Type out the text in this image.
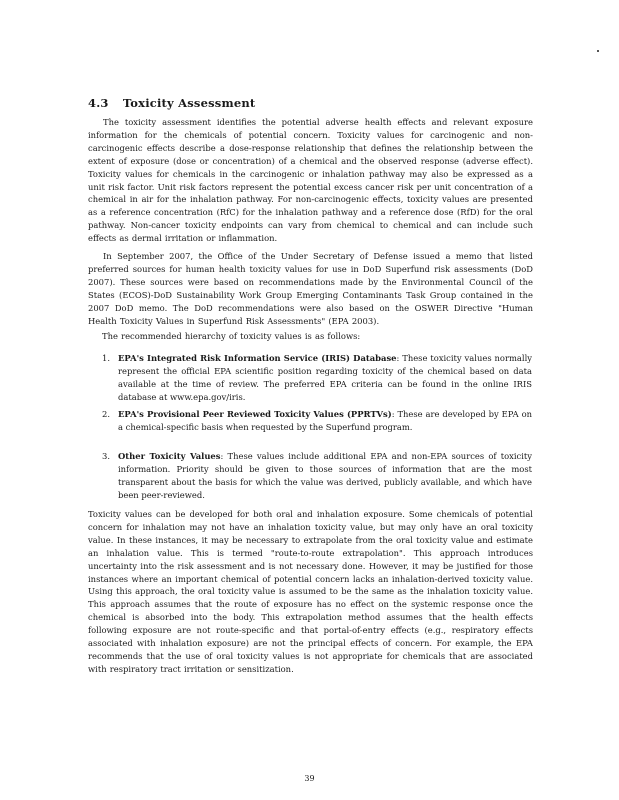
4.3 Toxicity Assessment

The toxicity assessment identifies the potential adverse health effects and relevant exposure information for the chemicals of potential concern. Toxicity values for carcinogenic and non-carcinogenic effects describe a dose-response relationship that defines the relationship between the extent of exposure (dose or concentration) of a chemical and the observed response (adverse effect). Toxicity values for chemicals in the carcinogenic or inhalation pathway may also be expressed as a unit risk factor. Unit risk factors represent the potential excess cancer risk per unit concentration of a chemical in air for the inhalation pathway. For non-carcinogenic effects, toxicity values are presented as a reference concentration (RfC) for the inhalation pathway and a reference dose (RfD) for the oral pathway. Non-cancer toxicity endpoints can vary from chemical to chemical and can include such effects as dermal irritation or inflammation.

In September 2007, the Office of the Under Secretary of Defense issued a memo that listed preferred sources for human health toxicity values for use in DoD Superfund risk assessments (DoD 2007). These sources were based on recommendations made by the Environmental Council of the States (ECOS)-DoD Sustainability Work Group Emerging Contaminants Task Group contained in the 2007 DoD memo. The DoD recommendations were also based on the OSWER Directive "Human Health Toxicity Values in Superfund Risk Assessments" (EPA 2003).

The recommended hierarchy of toxicity values is as follows:

1. EPA's Integrated Risk Information Service (IRIS) Database: These toxicity values normally represent the official EPA scientific position regarding toxicity of the chemical based on data available at the time of review. The preferred EPA criteria can be found in the online IRIS database at www.epa.gov/iris.

2. EPA's Provisional Peer Reviewed Toxicity Values (PPRTVs): These are developed by EPA on a chemical-specific basis when requested by the Superfund program.

3. Other Toxicity Values: These values include additional EPA and non-EPA sources of toxicity information. Priority should be given to those sources of information that are the most transparent about the basis for which the value was derived, publicly available, and which have been peer-reviewed.

Toxicity values can be developed for both oral and inhalation exposure. Some chemicals of potential concern for inhalation may not have an inhalation toxicity value, but may only have an oral toxicity value. In these instances, it may be necessary to extrapolate from the oral toxicity value and estimate an inhalation value. This is termed "route-to-route extrapolation". This approach introduces uncertainty into the risk assessment and is not necessary done. However, it may be justified for those instances where an important chemical of potential concern lacks an inhalation-derived toxicity value. Using this approach, the oral toxicity value is assumed to be the same as the inhalation toxicity value. This approach assumes that the route of exposure has no effect on the systemic response once the chemical is absorbed into the body. This extrapolation method assumes that the health effects following exposure are not route-specific and that portal-of-entry effects (e.g., respiratory effects associated with inhalation exposure) are not the principal effects of concern. For example, the EPA recommends that the use of oral toxicity values is not appropriate for chemicals that are associated with respiratory tract irritation or sensitization.

39
